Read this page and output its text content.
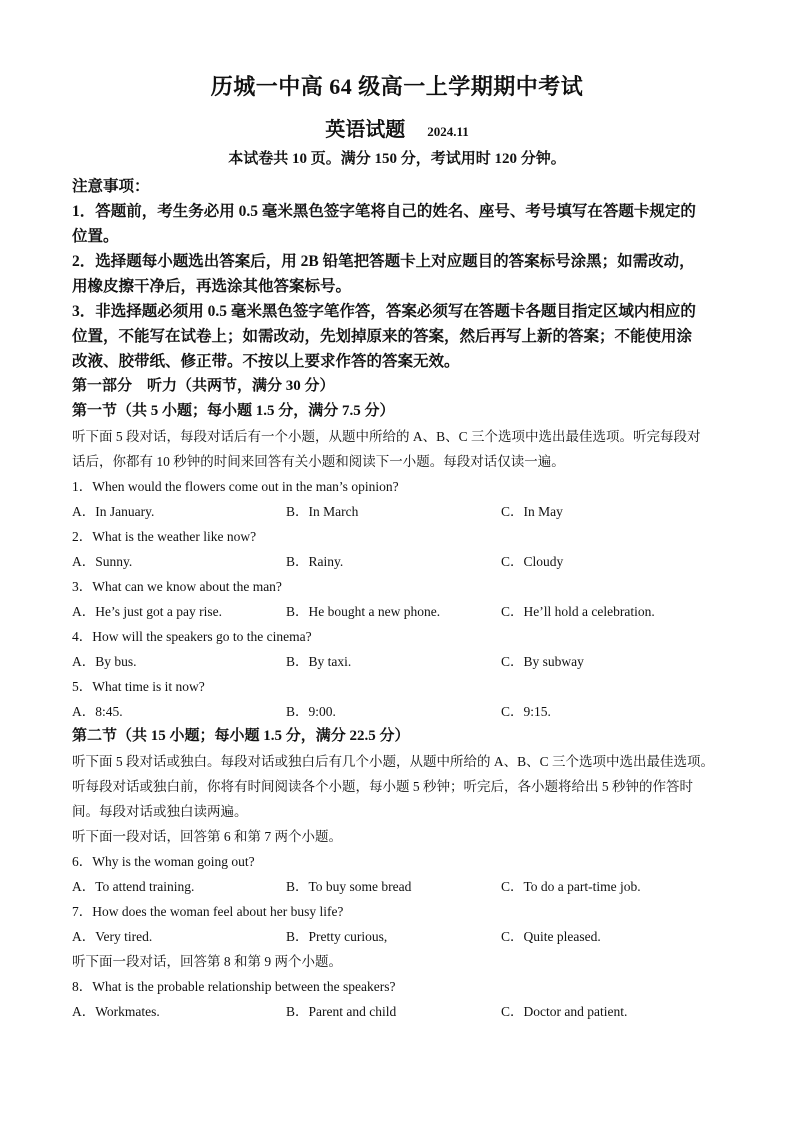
历城一中高 64 级高一上学期期中考试
英语试题 2024.11
本试卷共 10 页。满分 150 分，考试用时 120 分钟。

注意事项：

1．答题前，考生务必用 0.5 毫米黑色签字笔将自己的姓名、座号、考号填写在答题卡规定的

位置。

2．选择题每小题选出答案后，用 2B 铅笔把答题卡上对应题目的答案标号涂黑；如需改动，

用橡皮擦干净后，再选涂其他答案标号。

3．非选择题必须用 0.5 毫米黑色签字笔作答，答案必须写在答题卡各题目指定区域内相应的

位置，不能写在试卷上；如需改动，先划掉原来的答案，然后再写上新的答案；不能使用涂

改液、胶带纸、修正带。不按以上要求作答的答案无效。

第一部分　听力（共两节，满分 30 分）

第一节（共 5 小题；每小题 1.5 分，满分 7.5 分）

听下面 5 段对话，每段对话后有一个小题，从题中所给的 A、B、C 三个选项中选出最佳选项。听完每段对

话后，你都有 10 秒钟的时间来回答有关小题和阅读下一小题。每段对话仅读一遍。

1．When would the flowers come out in the man’s opinion?

A．In January.	B．In March	C．In May

2．What is the weather like now?

A．Sunny.	B．Rainy.	C．Cloudy

3．What can we know about the man?

A．He’s just got a pay rise.	B．He bought a new phone.	C．He’ll hold a celebration.

4．How will the speakers go to the cinema?

A．By bus.	B．By taxi.	C．By subway

5．What time is it now?

A．8:45.	B．9:00.	C．9:15.

第二节（共 15 小题；每小题 1.5 分，满分 22.5 分）

听下面 5 段对话或独白。每段对话或独白后有几个小题，从题中所给的 A、B、C 三个选项中选出最佳选项。

听每段对话或独白前，你将有时间阅读各个小题，每小题 5 秒钟；听完后，各小题将给出 5 秒钟的作答时

间。每段对话或独白读两遍。

听下面一段对话，回答第 6 和第 7 两个小题。

6．Why is the woman going out?

A．To attend training.	B．To buy some bread	C．To do a part-time job.

7．How does the woman feel about her busy life?

A．Very tired.	B．Pretty curious,	C．Quite pleased.

听下面一段对话，回答第 8 和第 9 两个小题。

8．What is the probable relationship between the speakers?

A．Workmates.	B．Parent and child	C．Doctor and patient.
